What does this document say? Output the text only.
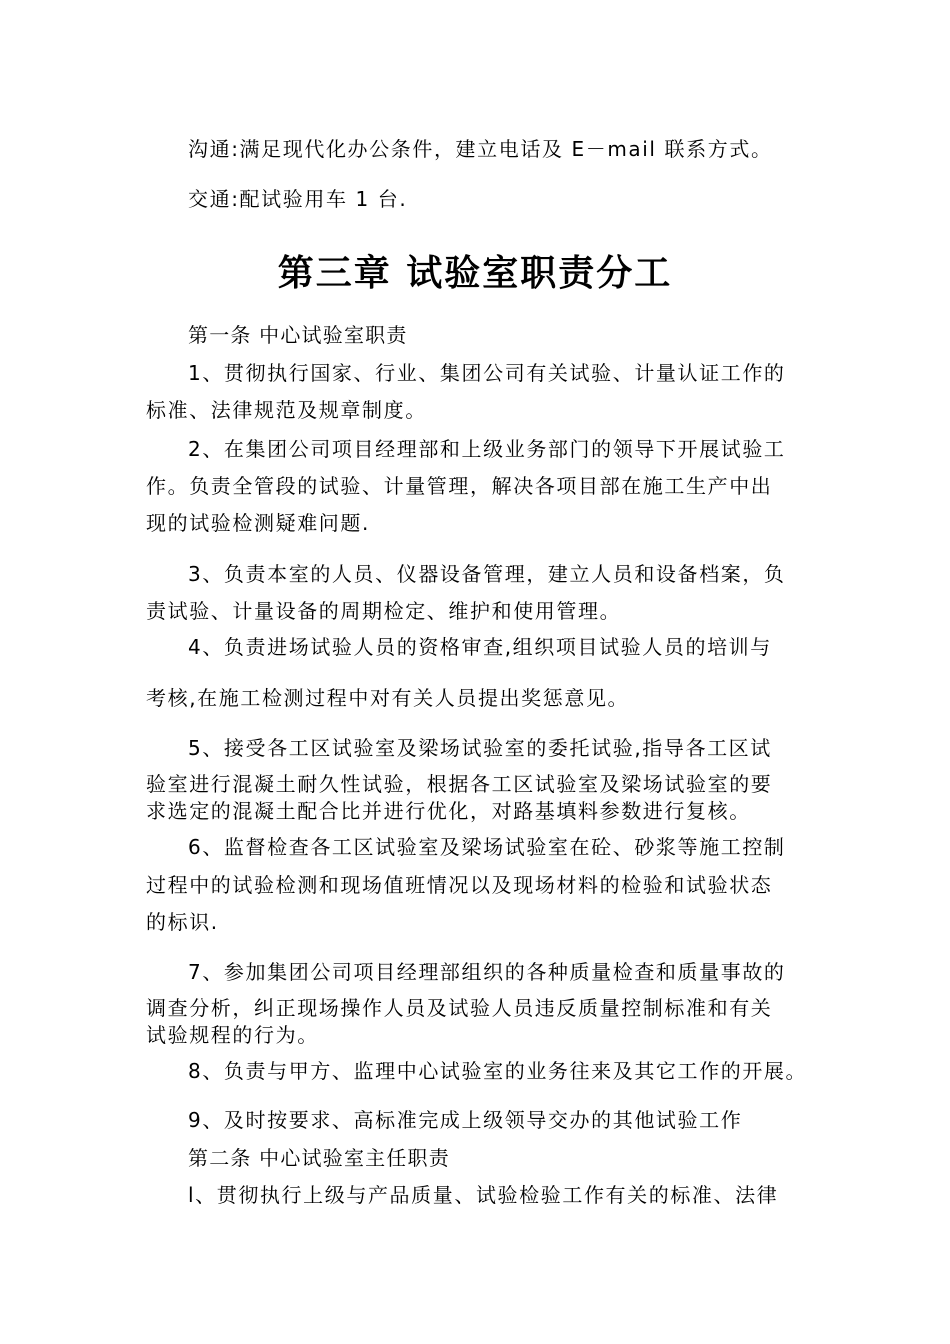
沟通:满足现代化办公条件，建立电话及 E－mail 联系方式。

交通:配试验用车 1 台.

第三章 试验室职责分工

第一条 中心试验室职责

1、贯彻执行国家、行业、集团公司有关试验、计量认证工作的

标准、法律规范及规章制度。

2、在集团公司项目经理部和上级业务部门的领导下开展试验工

作。负责全管段的试验、计量管理，解决各项目部在施工生产中出

现的试验检测疑难问题.

3、负责本室的人员、仪器设备管理，建立人员和设备档案，负

责试验、计量设备的周期检定、维护和使用管理。

4、负责进场试验人员的资格审查,组织项目试验人员的培训与

考核,在施工检测过程中对有关人员提出奖惩意见。

5、接受各工区试验室及梁场试验室的委托试验,指导各工区试

验室进行混凝土耐久性试验，根据各工区试验室及梁场试验室的要

求选定的混凝土配合比并进行优化，对路基填料参数进行复核。

6、监督检查各工区试验室及梁场试验室在砼、砂浆等施工控制

过程中的试验检测和现场值班情况以及现场材料的检验和试验状态

的标识.

7、参加集团公司项目经理部组织的各种质量检查和质量事故的

调查分析，纠正现场操作人员及试验人员违反质量控制标准和有关

试验规程的行为。

8、负责与甲方、监理中心试验室的业务往来及其它工作的开展。

9、及时按要求、高标准完成上级领导交办的其他试验工作

第二条 中心试验室主任职责

l、贯彻执行上级与产品质量、试验检验工作有关的标准、法律
